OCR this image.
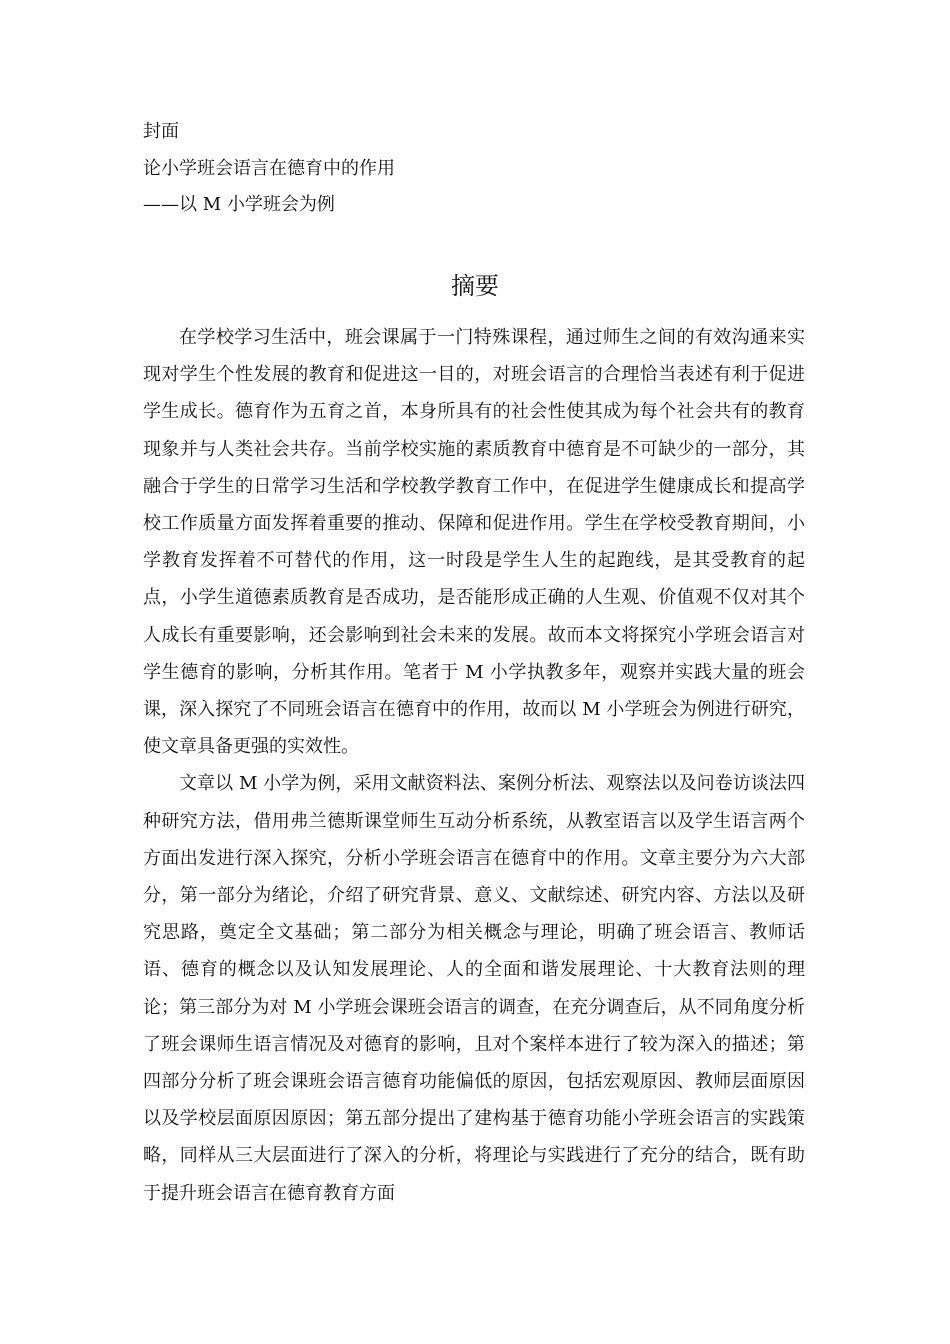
封面
论小学班会语言在德育中的作用
——以 M 小学班会为例
摘要

在学校学习生活中，班会课属于一门特殊课程，通过师生之间的有效沟通来实现对学生个性发展的教育和促进这一目的，对班会语言的合理恰当表述有利于促进学生成长。德育作为五育之首，本身所具有的社会性使其成为每个社会共有的教育现象并与人类社会共存。当前学校实施的素质教育中德育是不可缺少的一部分，其融合于学生的日常学习生活和学校教学教育工作中，在促进学生健康成长和提高学校工作质量方面发挥着重要的推动、保障和促进作用。学生在学校受教育期间，小学教育发挥着不可替代的作用，这一时段是学生人生的起跑线，是其受教育的起点，小学生道德素质教育是否成功，是否能形成正确的人生观、价值观不仅对其个人成长有重要影响，还会影响到社会未来的发展。故而本文将探究小学班会语言对学生德育的影响，分析其作用。笔者于 M 小学执教多年，观察并实践大量的班会课，深入探究了不同班会语言在德育中的作用，故而以 M 小学班会为例进行研究，使文章具备更强的实效性。

文章以 M 小学为例，采用文献资料法、案例分析法、观察法以及问卷访谈法四种研究方法，借用弗兰德斯课堂师生互动分析系统，从教室语言以及学生语言两个方面出发进行深入探究，分析小学班会语言在德育中的作用。文章主要分为六大部分，第一部分为绪论，介绍了研究背景、意义、文献综述、研究内容、方法以及研究思路，奠定全文基础；第二部分为相关概念与理论，明确了班会语言、教师话语、德育的概念以及认知发展理论、人的全面和谐发展理论、十大教育法则的理论；第三部分为对 M 小学班会课班会语言的调查，在充分调查后，从不同角度分析了班会课师生语言情况及对德育的影响，且对个案样本进行了较为深入的描述；第四部分分析了班会课班会语言德育功能偏低的原因，包括宏观原因、教师层面原因以及学校层面原因原因；第五部分提出了建构基于德育功能小学班会语言的实践策略，同样从三大层面进行了深入的分析，将理论与实践进行了充分的结合，既有助于提升班会语言在德育教育方面
